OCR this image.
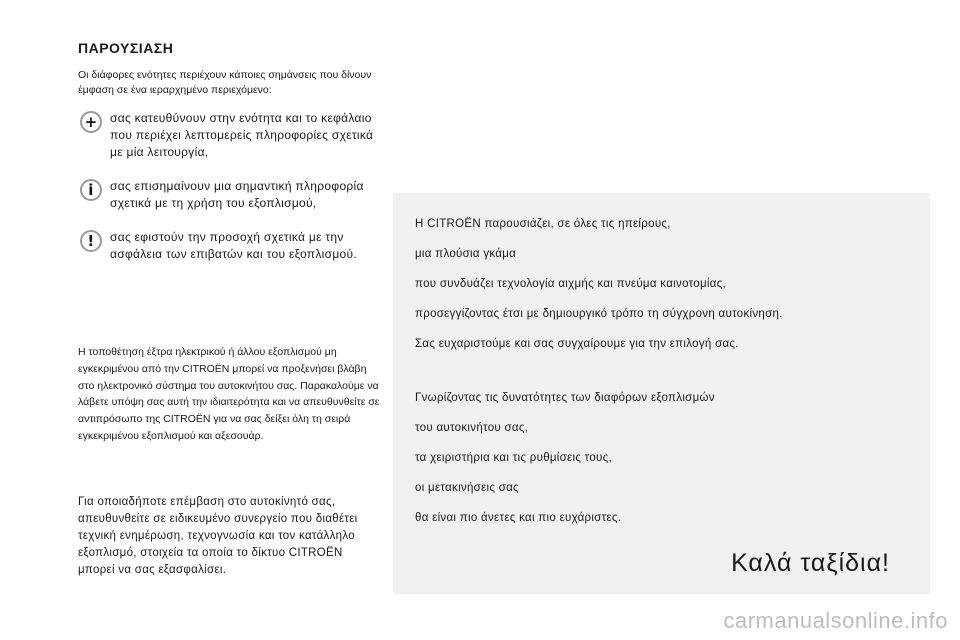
ΠΑΡΟΥΣΙΑΣΗ
Οι διάφορες ενότητες περιέχουν κάποιες σημάνσεις που δίνουν έμφαση σε ένα ιεραρχημένο περιεχόμενο:
+	σας κατευθύνουν στην ενότητα και το κεφάλαιο που περιέχει λεπτομερείς πληροφορίες σχετικά με μία λειτουργία,
i	σας επισημαίνουν μια σημαντική πληροφορία σχετικά με τη χρήση του εξοπλισμού,
!	σας εφιστούν την προσοχή σχετικά με την ασφάλεια των επιβατών και του εξοπλισμού.
Η τοποθέτηση έξτρα ηλεκτρικού ή άλλου εξοπλισμού μη εγκεκριμένου από την CITROËN μπορεί να προξενήσει βλάβη στο ηλεκτρονικό σύστημα του αυτοκινήτου σας. Παρακαλούμε να λάβετε υπόψη σας αυτή την ιδιαιτερότητα και να απευθυνθείτε σε αντιπρόσωπο της CITROËN για να σας δείξει όλη τη σειρά εγκεκριμένου εξοπλισμού και αξεσουάρ.
Για οποιαδήποτε επέμβαση στο αυτοκίνητό σας, απευθυνθείτε σε ειδικευμένο συνεργείο που διαθέτει τεχνική ενημέρωση, τεχνογνωσία και τον κατάλληλο εξοπλισμό, στοιχεία τα οποία το δίκτυο CITROËN μπορεί να σας εξασφαλίσει.
Η CITROËN παρουσιάζει, σε όλες τις ηπείρους,
μια πλούσια γκάμα
που συνδυάζει τεχνολογία αιχμής και πνεύμα καινοτομίας,
προσεγγίζοντας έτσι με δημιουργικό τρόπο τη σύγχρονη αυτοκίνηση.
Σας ευχαριστούμε και σας συγχαίρουμε για την επιλογή σας.
Γνωρίζοντας τις δυνατότητες των διαφόρων εξοπλισμών
του αυτοκινήτου σας,
τα χειριστήρια και τις ρυθμίσεις τους,
οι μετακινήσεις σας
θα είναι πιο άνετες και πιο ευχάριστες.
Καλά ταξίδια!
carmanualsonline.info
